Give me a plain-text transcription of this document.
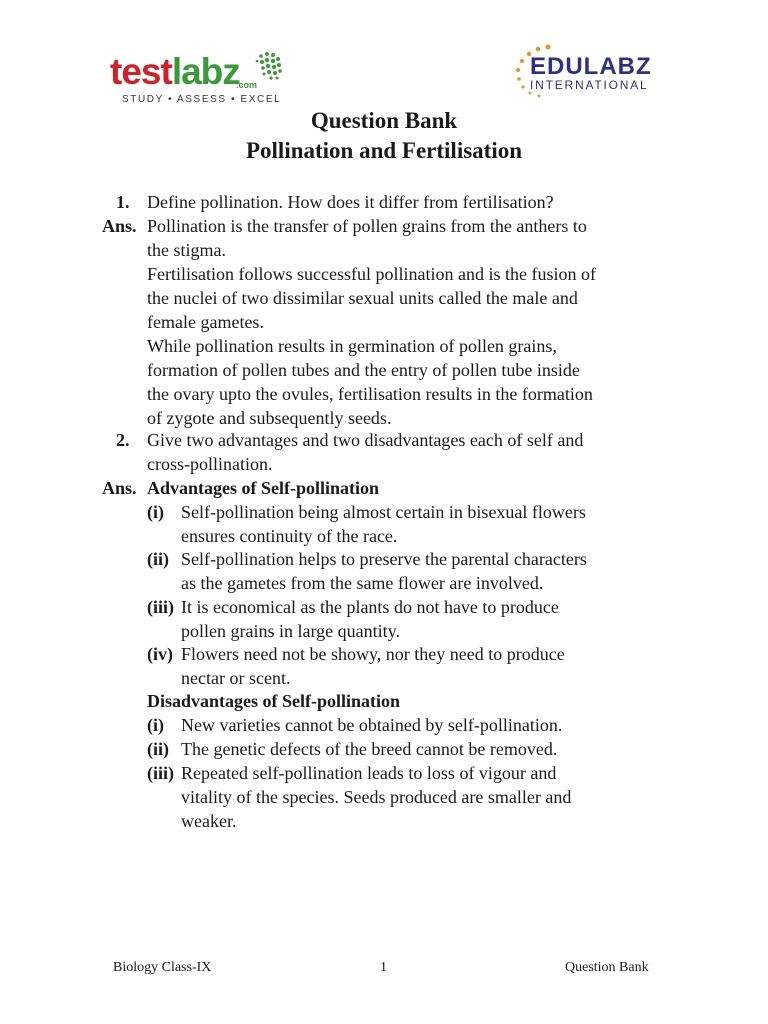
testlabz
.com
STUDY • ASSESS • EXCEL
EDULABZ
INTERNATIONAL
Question Bank
Pollination and Fertilisation
1. Define pollination. How does it differ from fertilisation?
Ans. Pollination is the transfer of pollen grains from the anthers to
the stigma.
Fertilisation follows successful pollination and is the fusion of
the nuclei of two dissimilar sexual units called the male and
female gametes.
While pollination results in germination of pollen grains,
formation of pollen tubes and the entry of pollen tube inside
the ovary upto the ovules, fertilisation results in the formation
of zygote and subsequently seeds.
2. Give two advantages and two disadvantages each of self and
cross-pollination.
Ans. Advantages of Self-pollination
(i) Self-pollination being almost certain in bisexual flowers
ensures continuity of the race.
(ii) Self-pollination helps to preserve the parental characters
as the gametes from the same flower are involved.
(iii) It is economical as the plants do not have to produce
pollen grains in large quantity.
(iv) Flowers need not be showy, nor they need to produce
nectar or scent.
Disadvantages of Self-pollination
(i) New varieties cannot be obtained by self-pollination.
(ii) The genetic defects of the breed cannot be removed.
(iii) Repeated self-pollination leads to loss of vigour and
vitality of the species. Seeds produced are smaller and
weaker.
Biology Class-IX	1	Question Bank
